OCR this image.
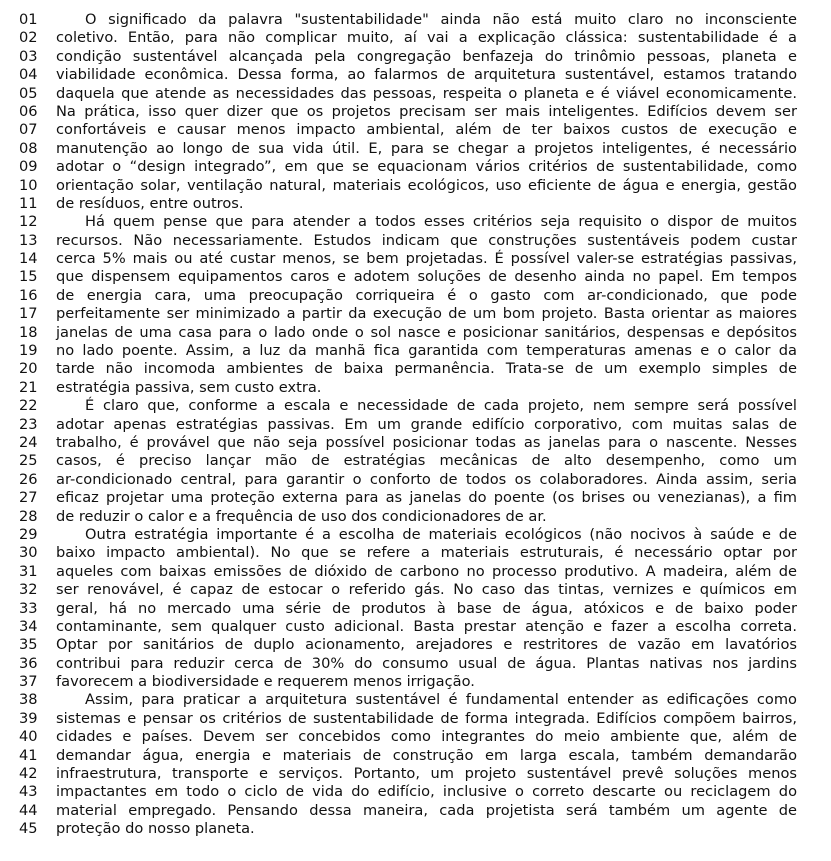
01	O significado da palavra "sustentabilidade" ainda não está muito claro no inconsciente
02	coletivo. Então, para não complicar muito, aí vai a explicação clássica: sustentabilidade é a
03	condição sustentável alcançada pela congregação benfazeja do trinômio pessoas, planeta e
04	viabilidade econômica. Dessa forma, ao falarmos de arquitetura sustentável, estamos tratando
05	daquela que atende as necessidades das pessoas, respeita o planeta e é viável economicamente.
06	Na prática, isso quer dizer que os projetos precisam ser mais inteligentes. Edifícios devem ser
07	confortáveis e causar menos impacto ambiental, além de ter baixos custos de execução e
08	manutenção ao longo de sua vida útil. E, para se chegar a projetos inteligentes, é necessário
09	adotar o “design integrado”, em que se equacionam vários critérios de sustentabilidade, como
10	orientação solar, ventilação natural, materiais ecológicos, uso eficiente de água e energia, gestão
11	de resíduos, entre outros.
12	Há quem pense que para atender a todos esses critérios seja requisito o dispor de muitos
13	recursos. Não necessariamente. Estudos indicam que construções sustentáveis podem custar
14	cerca 5% mais ou até custar menos, se bem projetadas. É possível valer-se estratégias passivas,
15	que dispensem equipamentos caros e adotem soluções de desenho ainda no papel. Em tempos
16	de energia cara, uma preocupação corriqueira é o gasto com ar-condicionado, que pode
17	perfeitamente ser minimizado a partir da execução de um bom projeto. Basta orientar as maiores
18	janelas de uma casa para o lado onde o sol nasce e posicionar sanitários, despensas e depósitos
19	no lado poente. Assim, a luz da manhã fica garantida com temperaturas amenas e o calor da
20	tarde não incomoda ambientes de baixa permanência. Trata-se de um exemplo simples de
21	estratégia passiva, sem custo extra.
22	É claro que, conforme a escala e necessidade de cada projeto, nem sempre será possível
23	adotar apenas estratégias passivas. Em um grande edifício corporativo, com muitas salas de
24	trabalho, é provável que não seja possível posicionar todas as janelas para o nascente. Nesses
25	casos, é preciso lançar mão de estratégias mecânicas de alto desempenho, como um
26	ar-condicionado central, para garantir o conforto de todos os colaboradores. Ainda assim, seria
27	eficaz projetar uma proteção externa para as janelas do poente (os brises ou venezianas), a fim
28	de reduzir o calor e a frequência de uso dos condicionadores de ar.
29	Outra estratégia importante é a escolha de materiais ecológicos (não nocivos à saúde e de
30	baixo impacto ambiental). No que se refere a materiais estruturais, é necessário optar por
31	aqueles com baixas emissões de dióxido de carbono no processo produtivo. A madeira, além de
32	ser renovável, é capaz de estocar o referido gás. No caso das tintas, vernizes e químicos em
33	geral, há no mercado uma série de produtos à base de água, atóxicos e de baixo poder
34	contaminante, sem qualquer custo adicional. Basta prestar atenção e fazer a escolha correta.
35	Optar por sanitários de duplo acionamento, arejadores e restritores de vazão em lavatórios
36	contribui para reduzir cerca de 30% do consumo usual de água. Plantas nativas nos jardins
37	favorecem a biodiversidade e requerem menos irrigação.
38	Assim, para praticar a arquitetura sustentável é fundamental entender as edificações como
39	sistemas e pensar os critérios de sustentabilidade de forma integrada. Edifícios compõem bairros,
40	cidades e países. Devem ser concebidos como integrantes do meio ambiente que, além de
41	demandar água, energia e materiais de construção em larga escala, também demandarão
42	infraestrutura, transporte e serviços. Portanto, um projeto sustentável prevê soluções menos
43	impactantes em todo o ciclo de vida do edifício, inclusive o correto descarte ou reciclagem do
44	material empregado. Pensando dessa maneira, cada projetista será também um agente de
45	proteção do nosso planeta.
